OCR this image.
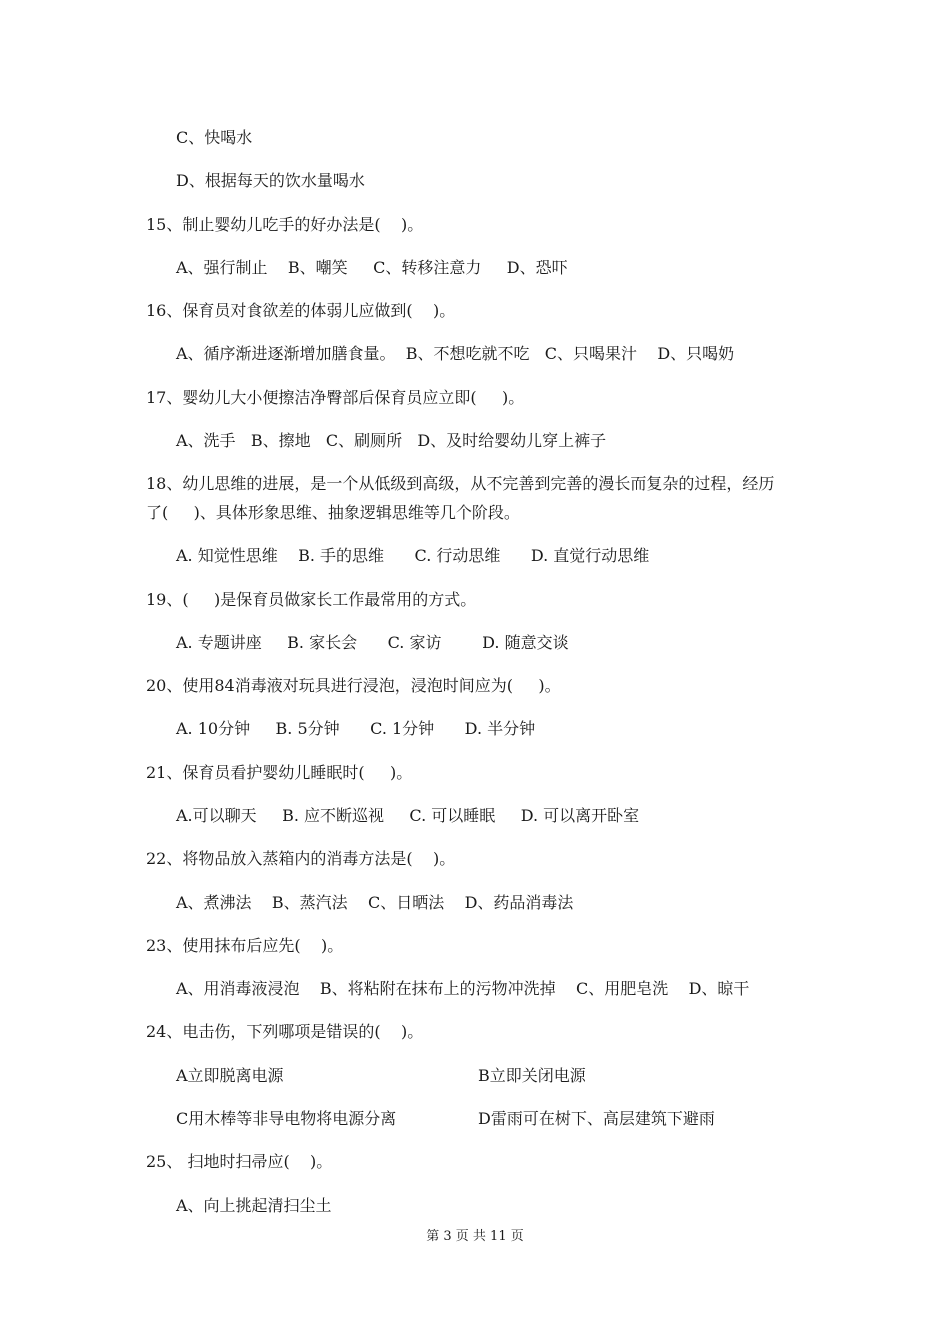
C、快喝水
D、根据每天的饮水量喝水
15、制止婴幼儿吃手的好办法是(    )。
A、强行制止    B、嘲笑     C、转移注意力     D、恐吓
16、保育员对食欲差的体弱儿应做到(    )。
A、循序渐进逐渐增加膳食量。  B、不想吃就不吃   C、只喝果汁    D、只喝奶
17、婴幼儿大小便擦洁净臀部后保育员应立即(     )。
A、洗手   B、擦地   C、刷厕所   D、及时给婴幼儿穿上裤子
18、幼儿思维的进展，是一个从低级到高级，从不完善到完善的漫长而复杂的过程，经历
了(     )、具体形象思维、抽象逻辑思维等几个阶段。
A. 知觉性思维    B. 手的思维      C. 行动思维      D. 直觉行动思维
19、(     )是保育员做家长工作最常用的方式。
A. 专题讲座     B. 家长会      C. 家访        D. 随意交谈
20、使用84消毒液对玩具进行浸泡，浸泡时间应为(     )。
A. 10分钟     B. 5分钟      C. 1分钟      D. 半分钟
21、保育员看护婴幼儿睡眠时(     )。
A.可以聊天     B. 应不断巡视     C. 可以睡眠     D. 可以离开卧室
22、将物品放入蒸箱内的消毒方法是(    )。
A、煮沸法    B、蒸汽法    C、日晒法    D、药品消毒法
23、使用抹布后应先(    )。
A、用消毒液浸泡    B、将粘附在抹布上的污物冲洗掉    C、用肥皂洗    D、晾干
24、电击伤，下列哪项是错误的(    )。
A立即脱离电源	B立即关闭电源
C用木棒等非导电物将电源分离	D雷雨可在树下、高层建筑下避雨
25、 扫地时扫帚应(    )。
A、向上挑起清扫尘土
第 3 页 共 11 页
